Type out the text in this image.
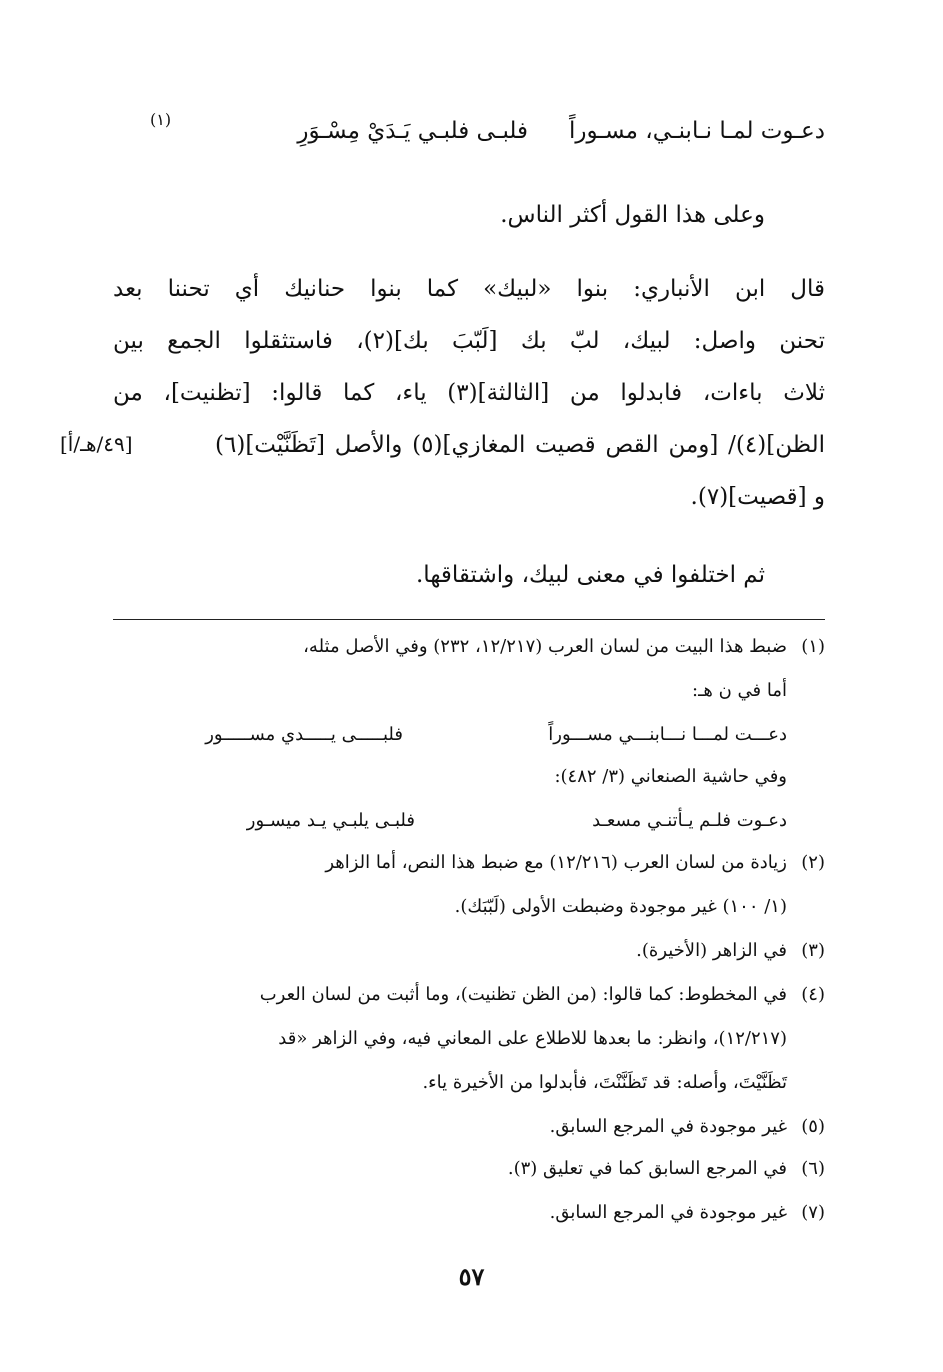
دعـوت لمـا نـابنـي، مسـوراً
فلبـى فلبـي يَـدَيْ مِسْـوَرِ
(١)
وعلى هذا القول أكثر الناس.
قال ابن الأنباري: بنوا «لبيك» كما بنوا حنانيك أي تحننا بعد
تحنن واصل: لبيك، لبّ بك [لَبّبَ بك](٢)، فاستثقلوا الجمع بين
ثلاث باءات، فابدلوا من [الثالثة](٣) ياء، كما قالوا: [تظنيت]، من
الظن](٤)/ [ومن القص قصيت المغازي](٥) والأصل [تَظَنَّيْت](٦)
و [قصيت](٧).
[٤٩/هـ/أ]
ثم اختلفوا في معنى لبيك، واشتقاقها.
(١)
ضبط هذا البيت من لسان العرب (١٢/٢١٧، ٢٣٢) وفي الأصل مثله،
أما في ن هـ:
دعـــت لمـــا نـــابنـــي مســـوراً
فلبـــــى يـــــدي مســـــور
وفي حاشية الصنعاني (٣/ ٤٨٢):
دعـوت فلـم يـأتنـي مسعـد
فلبـى يلبـي يـد ميسـور
(٢)
زيادة من لسان العرب (١٢/٢١٦) مع ضبط هذا النص، أما الزاهر
(١/ ١٠٠) غير موجودة وضبطت الأولى (لَبّبَك).
(٣)
في الزاهر (الأخيرة).
(٤)
في المخطوط: كما قالوا: (من الظن تظنيت)، وما أثبت من لسان العرب
(١٢/٢١٧)، وانظر: ما بعدها للاطلاع على المعاني فيه، وفي الزاهر «قد
تَظَنَّيْتَ، وأصله: قد تَظَنَّنْتَ، فأبدلوا من الأخيرة ياء.
(٥)
غير موجودة في المرجع السابق.
(٦)
في المرجع السابق كما في تعليق (٣).
(٧)
غير موجودة في المرجع السابق.
٥٧
